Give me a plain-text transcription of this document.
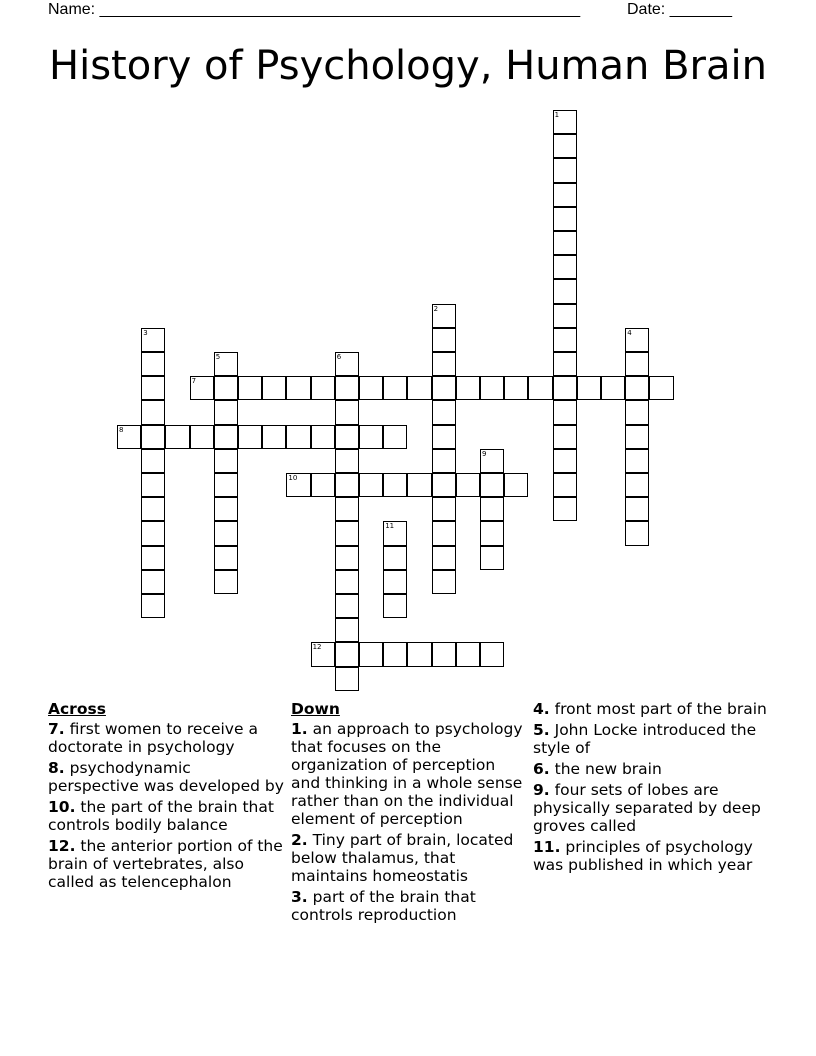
Name: ______________________________________________________	Date: _______
History of Psychology, Human Brain
1
2
3	4
5	6
7
8
9
10
11
12
Across
7. first women to receive a doctorate in psychology
8. psychodynamic perspective was developed by
10. the part of the brain that controls bodily balance
12. the anterior portion of the brain of vertebrates, also called as telencephalon
Down
1. an approach to psychology that focuses on the organization of perception and thinking in a whole sense rather than on the individual element of perception
2. Tiny part of brain, located below thalamus, that maintains homeostatis
3. part of the brain that controls reproduction
4. front most part of the brain
5. John Locke introduced the style of
6. the new brain
9. four sets of lobes are physically separated by deep groves called
11. principles of psychology was published in which year
